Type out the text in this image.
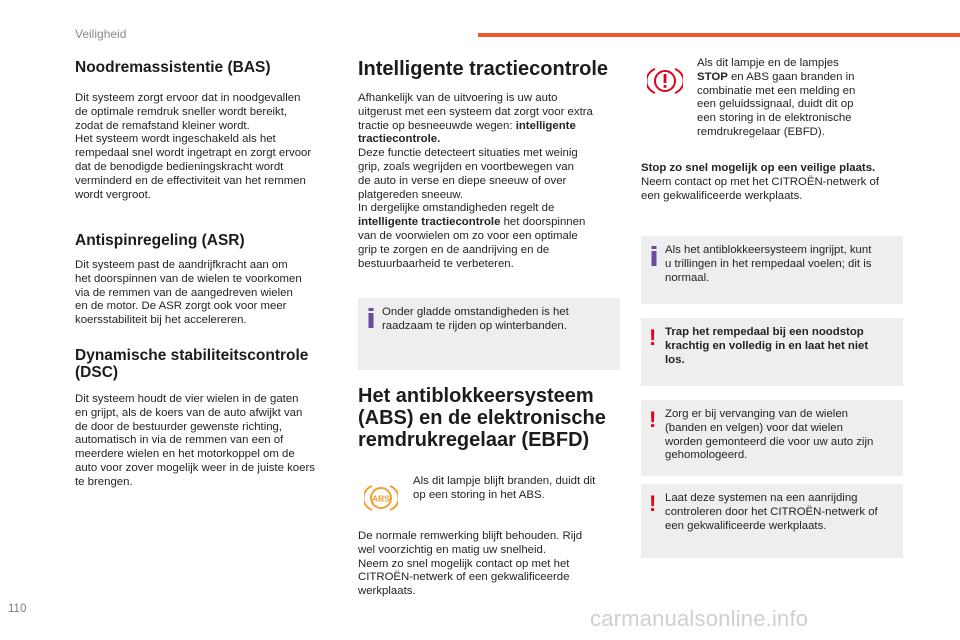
Veiligheid
Noodremassistentie (BAS)

Dit systeem zorgt ervoor dat in noodgevallen

de optimale remdruk sneller wordt bereikt,

zodat de remafstand kleiner wordt.

Het systeem wordt ingeschakeld als het

rempedaal snel wordt ingetrapt en zorgt ervoor

dat de benodigde bedieningskracht wordt

verminderd en de effectiviteit van het remmen

wordt vergroot.

Antispinregeling (ASR)

Dit systeem past de aandrijfkracht aan om

het doorspinnen van de wielen te voorkomen

via de remmen van de aangedreven wielen

en de motor. De ASR zorgt ook voor meer

koersstabiliteit bij het accelereren.

Dynamische stabiliteitscontrole
(DSC)

Dit systeem houdt de vier wielen in de gaten

en grijpt, als de koers van de auto afwijkt van

de door de bestuurder gewenste richting,

automatisch in via de remmen van een of

meerdere wielen en het motorkoppel om de

auto voor zover mogelijk weer in de juiste koers

te brengen.

Intelligente tractiecontrole

Afhankelijk van de uitvoering is uw auto

uitgerust met een systeem dat zorgt voor extra

tractie op besneeuwde wegen: intelligente

tractiecontrole.

Deze functie detecteert situaties met weinig

grip, zoals wegrijden en voortbewegen van

de auto in verse en diepe sneeuw of over

platgereden sneeuw.

In dergelijke omstandigheden regelt de

intelligente tractiecontrole het doorspinnen

van de voorwielen om zo voor een optimale

grip te zorgen en de aandrijving en de

bestuurbaarheid te verbeteren.

Onder gladde omstandigheden is het
raadzaam te rijden op winterbanden.
Het antiblokkeersysteem
(ABS) en de elektronische
remdrukregelaar (EBFD)
ABS

Als dit lampje blijft branden, duidt dit

op een storing in het ABS.

De normale remwerking blijft behouden. Rijd

wel voorzichtig en matig uw snelheid.

Neem zo snel mogelijk contact op met het

CITROËN-netwerk of een gekwalificeerde

werkplaats.

Als dit lampje en de lampjes

STOP en ABS gaan branden in

combinatie met een melding en

een geluidssignaal, duidt dit op

een storing in de elektronische

remdrukregelaar (EBFD).

Stop zo snel mogelijk op een veilige plaats.

Neem contact op met het CITROËN-netwerk of

een gekwalificeerde werkplaats.

Als het antiblokkeersysteem ingrijpt, kunt
u trillingen in het rempedaal voelen; dit is
normaal.
! Trap het rempedaal bij een noodstop
krachtig en volledig in en laat het niet
los.
! Zorg er bij vervanging van de wielen
(banden en velgen) voor dat wielen
worden gemonteerd die voor uw auto zijn
gehomologeerd.
! Laat deze systemen na een aanrijding
controleren door het CITROËN-netwerk of
een gekwalificeerde werkplaats.
110	carmanualsonline.info
